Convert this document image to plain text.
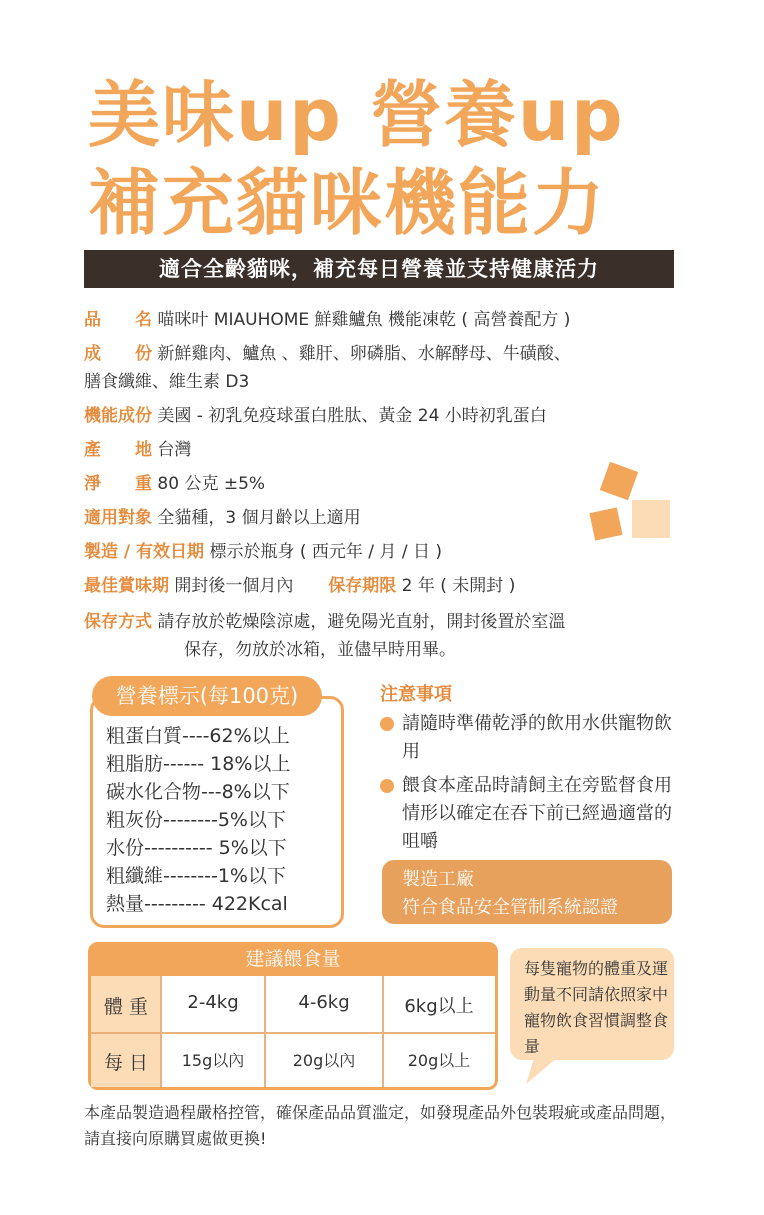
美味up 營養up
補充貓咪機能力
適合全齡貓咪，補充每日營養並支持健康活力
品　　名 喵咪叶 MIAUHOME 鮮雞鱸魚 機能凍乾 ( 高營養配方 )
成　　份 新鮮雞肉、鱸魚 、雞肝、卵磷脂、水解酵母、牛磺酸、
膳食纖維、維生素 D3
機能成份 美國 - 初乳免疫球蛋白胜肽、黃金 24 小時初乳蛋白
產　　地 台灣
淨　　重 80 公克 ±5%
適用對象 全貓種，3 個月齡以上適用
製造 / 有效日期 標示於瓶身 ( 西元年 / 月 / 日 )
最佳賞味期 開封後一個月內 保存期限 2 年 ( 未開封 )
保存方式 請存放於乾燥陰涼處，避免陽光直射，開封後置於室溫
保存，勿放於冰箱，並儘早時用畢。
營養標示(每100克)
粗蛋白質----62%以上
粗脂肪------ 18%以上
碳水化合物---8%以下
粗灰份--------5%以下
水份---------- 5%以下
粗纖維--------1%以下
熱量--------- 422Kcal
注意事項
請隨時準備乾淨的飲用水供寵物飲用
餵食本產品時請飼主在旁監督食用情形以確定在吞下前已經過適當的咀嚼
製造工廠
符合食品安全管制系統認證
建議餵食量
體 重	2-4kg	4-6kg	6kg以上
每 日	15g以內	20g以內	20g以上
每隻寵物的體重及運動量不同請依照家中寵物飲食習慣調整食量
本產品製造過程嚴格控管，確保產品品質滥定，如發現產品外包裝瑕疵或產品問題，請直接向原購買處做更換!
